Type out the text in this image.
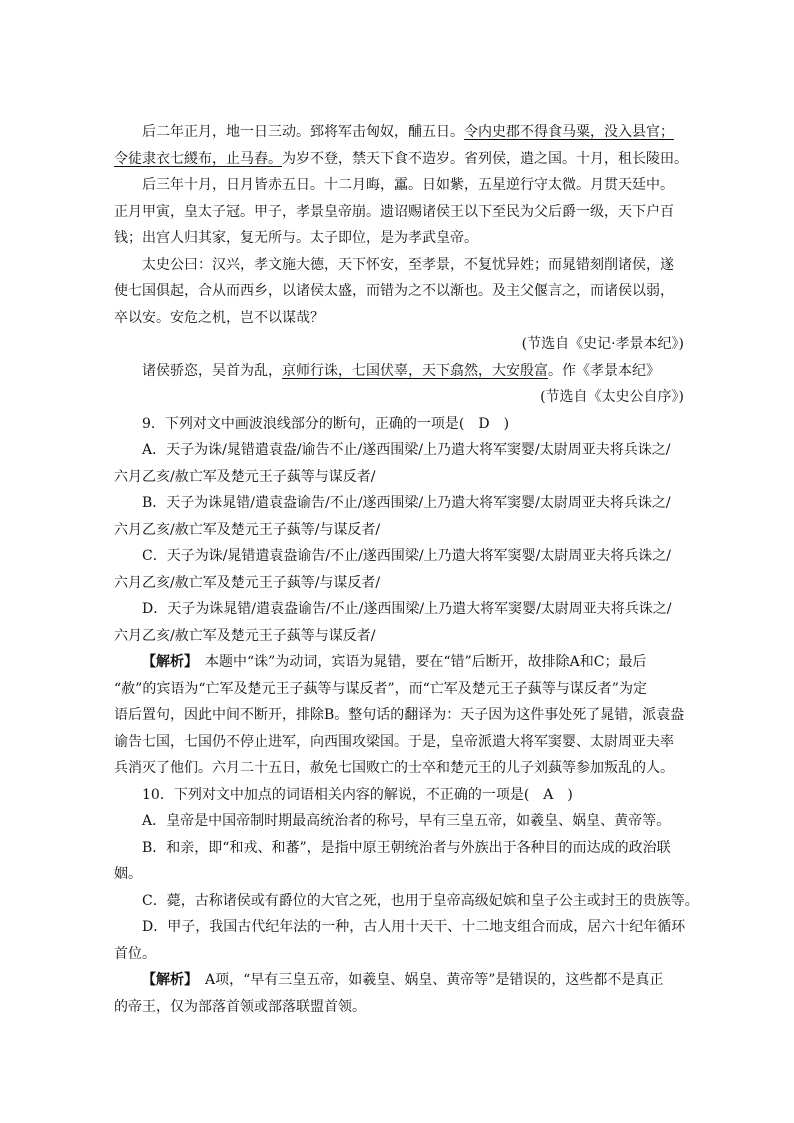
后二年正月，地一日三动。郅将军击匈奴，酺五日。令内史郡不得食马粟，没入县官；

令徒隶衣七緵布，止马舂。为岁不登，禁天下食不造岁。省列侯，遣之国。十月，租长陵田。

后三年十月，日月皆赤五日。十二月晦，靁。日如紫，五星逆行守太微。月贯天廷中。

正月甲寅，皇太子冠。甲子，孝景皇帝崩。遗诏赐诸侯王以下至民为父后爵一级，天下户百

钱；出宫人归其家，复无所与。太子即位，是为孝武皇帝。

太史公曰：汉兴，孝文施大德，天下怀安，至孝景，不复忧异姓；而晁错刻削诸侯，遂

使七国俱起，合从而西乡，以诸侯太盛，而错为之不以渐也。及主父偃言之，而诸侯以弱，

卒以安。安危之机，岂不以谋哉？

(节选自《史记·孝景本纪》)

诸侯骄恣，吴首为乱，京师行诛，七国伏辜，天下翕然，大安殷富。作《孝景本纪》

(节选自《太史公自序》)

9．下列对文中画波浪线部分的断句，正确的一项是(　D　)

A．天子为诛/晁错遣袁盎/谕告不止/遂西围梁/上乃遣大将军窦婴/太尉周亚夫将兵诛之/

六月乙亥/赦亡军及楚元王子蓺等与谋反者/

B．天子为诛晁错/遣袁盎谕告/不止/遂西围梁/上乃遣大将军窦婴/太尉周亚夫将兵诛之/

六月乙亥/赦亡军及楚元王子蓺等/与谋反者/

C．天子为诛/晁错遣袁盎谕告/不止/遂西围梁/上乃遣大将军窦婴/太尉周亚夫将兵诛之/

六月乙亥/赦亡军及楚元王子蓺等/与谋反者/

D．天子为诛晁错/遣袁盎谕告/不止/遂西围梁/上乃遣大将军窦婴/太尉周亚夫将兵诛之/

六月乙亥/赦亡军及楚元王子蓺等与谋反者/

【解析】　本题中“诛”为动词，宾语为晁错，要在“错”后断开，故排除A和C；最后

“赦”的宾语为“亡军及楚元王子蓺等与谋反者”，而“亡军及楚元王子蓺等与谋反者”为定

语后置句，因此中间不断开，排除B。整句话的翻译为：天子因为这件事处死了晁错，派袁盎

谕告七国，七国仍不停止进军，向西围攻梁国。于是，皇帝派遣大将军窦婴、太尉周亚夫率

兵消灭了他们。六月二十五日，赦免七国败亡的士卒和楚元王的儿子刘蓺等参加叛乱的人。

10．下列对文中加点的词语相关内容的解说，不正确的一项是(　A　)

A．皇帝是中国帝制时期最高统治者的称号，早有三皇五帝，如羲皇、娲皇、黄帝等。

B．和亲，即“和戎、和蕃”，是指中原王朝统治者与外族出于各种目的而达成的政治联

姻。

C．薨，古称诸侯或有爵位的大官之死，也用于皇帝高级妃嫔和皇子公主或封王的贵族等。

D．甲子，我国古代纪年法的一种，古人用十天干、十二地支组合而成，居六十纪年循环

首位。

【解析】　A项，“早有三皇五帝，如羲皇、娲皇、黄帝等”是错误的，这些都不是真正

的帝王，仅为部落首领或部落联盟首领。
